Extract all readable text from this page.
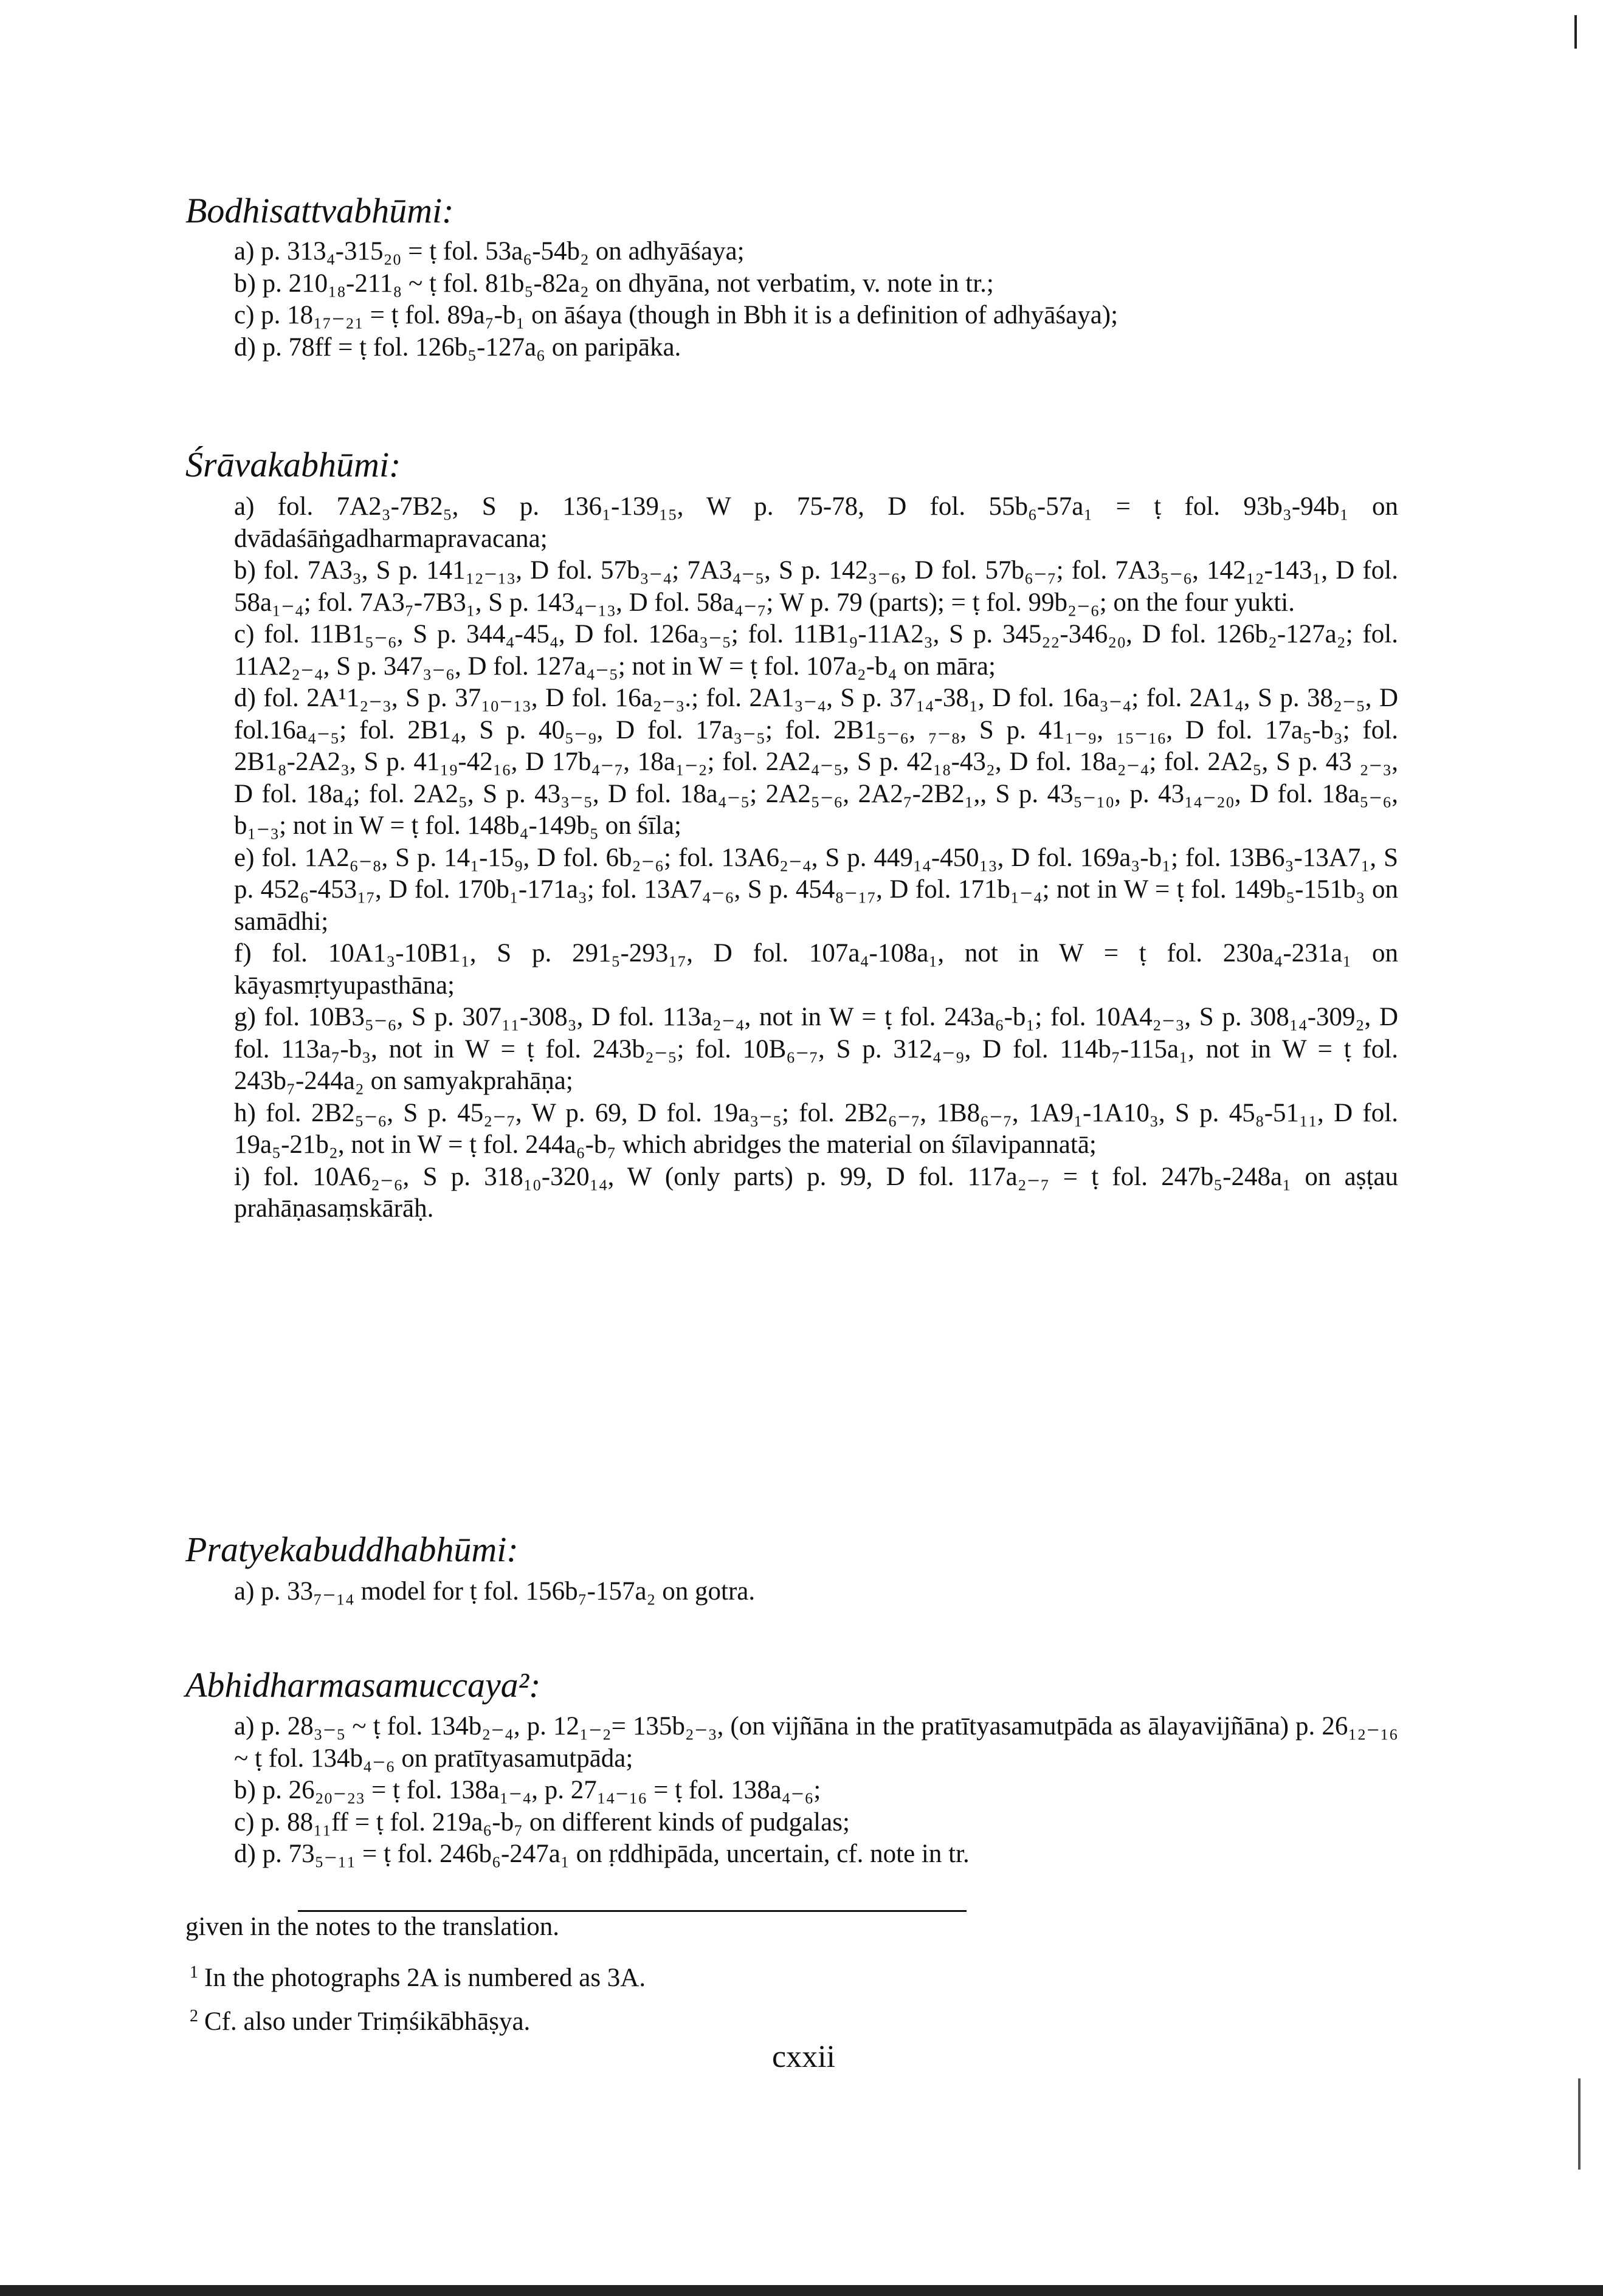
Bodhisattvabhūmi:

a) p. 313₄-315₂₀ = ṭ fol. 53a₆-54b₂ on adhyāśaya;

b) p. 210₁₈-211₈ ~ ṭ fol. 81b₅-82a₂ on dhyāna, not verbatim, v. note in tr.;

c) p. 18₁₇₋₂₁ = ṭ fol. 89a₇-b₁ on āśaya (though in Bbh it is a definition of adhyāśaya);

d) p. 78ff = ṭ fol. 126b₅-127a₆ on paripāka.

Śrāvakabhūmi:

a) fol. 7A2₃-7B2₅, S p. 136₁-139₁₅, W p. 75-78, D fol. 55b₆-57a₁ = ṭ fol. 93b₃-94b₁ on dvādaśāṅgadharmapravacana;

b) fol. 7A3₃, S p. 141₁₂₋₁₃, D fol. 57b₃₋₄; 7A3₄₋₅, S p. 142₃₋₆, D fol. 57b₆₋₇; fol. 7A3₅₋₆, 142₁₂-143₁, D fol. 58a₁₋₄; fol. 7A3₇-7B3₁, S p. 143₄₋₁₃, D fol. 58a₄₋₇; W p. 79 (parts); = ṭ fol. 99b₂₋₆; on the four yukti.

c) fol. 11B1₅₋₆, S p. 344₄-45₄, D fol. 126a₃₋₅; fol. 11B1₉-11A2₃, S p. 345₂₂-346₂₀, D fol. 126b₂-127a₂; fol. 11A2₂₋₄, S p. 347₃₋₆, D fol. 127a₄₋₅; not in W = ṭ fol. 107a₂-b₄ on māra;

d) fol. 2A¹1₂₋₃, S p. 37₁₀₋₁₃, D fol. 16a₂₋₃.; fol. 2A1₃₋₄, S p. 37₁₄-38₁, D fol. 16a₃₋₄; fol. 2A1₄, S p. 38₂₋₅, D fol.16a₄₋₅; fol. 2B1₄, S p. 40₅₋₉, D fol. 17a₃₋₅; fol. 2B1₅₋₆, ₇₋₈, S p. 41₁₋₉, ₁₅₋₁₆, D fol. 17a₅-b₃; fol. 2B1₈-2A2₃, S p. 41₁₉-42₁₆, D 17b₄₋₇, 18a₁₋₂; fol. 2A2₄₋₅, S p. 42₁₈-43₂, D fol. 18a₂₋₄; fol. 2A2₅, S p. 43 ₂₋₃, D fol. 18a₄; fol. 2A2₅, S p. 43₃₋₅, D fol. 18a₄₋₅; 2A2₅₋₆, 2A2₇-2B2₁,, S p. 43₅₋₁₀, p. 43₁₄₋₂₀, D fol. 18a₅₋₆, b₁₋₃; not in W = ṭ fol. 148b₄-149b₅ on śīla;

e) fol. 1A2₆₋₈, S p. 14₁-15₉, D fol. 6b₂₋₆; fol. 13A6₂₋₄, S p. 449₁₄-450₁₃, D fol. 169a₃-b₁; fol. 13B6₃-13A7₁, S p. 452₆-453₁₇, D fol. 170b₁-171a₃; fol. 13A7₄₋₆, S p. 454₈₋₁₇, D fol. 171b₁₋₄; not in W = ṭ fol. 149b₅-151b₃ on samādhi;

f) fol. 10A1₃-10B1₁, S p. 291₅-293₁₇, D fol. 107a₄-108a₁, not in W = ṭ fol. 230a₄-231a₁ on kāyasmṛtyupasthāna;

g) fol. 10B3₅₋₆, S p. 307₁₁-308₃, D fol. 113a₂₋₄, not in W = ṭ fol. 243a₆-b₁; fol. 10A4₂₋₃, S p. 308₁₄-309₂, D fol. 113a₇-b₃, not in W = ṭ fol. 243b₂₋₅; fol. 10B₆₋₇, S p. 312₄₋₉, D fol. 114b₇-115a₁, not in W = ṭ fol. 243b₇-244a₂ on samyakprahāṇa;

h) fol. 2B2₅₋₆, S p. 45₂₋₇, W p. 69, D fol. 19a₃₋₅; fol. 2B2₆₋₇, 1B8₆₋₇, 1A9₁-1A10₃, S p. 45₈-51₁₁, D fol. 19a₅-21b₂, not in W = ṭ fol. 244a₆-b₇ which abridges the material on śīlavipannatā;

i) fol. 10A6₂₋₆, S p. 318₁₀-320₁₄, W (only parts) p. 99, D fol. 117a₂₋₇ = ṭ fol. 247b₅-248a₁ on aṣṭau prahāṇasaṃskārāḥ.

Pratyekabuddhabhūmi:

a) p. 33₇₋₁₄ model for ṭ fol. 156b₇-157a₂ on gotra.

Abhidharmasamuccaya²:

a) p. 28₃₋₅ ~ ṭ fol. 134b₂₋₄, p. 12₁₋₂= 135b₂₋₃, (on vijñāna in the pratītyasamutpāda as ālayavijñāna) p. 26₁₂₋₁₆ ~ ṭ fol. 134b₄₋₆ on pratītyasamutpāda;

b) p. 26₂₀₋₂₃ = ṭ fol. 138a₁₋₄, p. 27₁₄₋₁₆ = ṭ fol. 138a₄₋₆;

c) p. 88₁₁ff = ṭ fol. 219a₆-b₇ on different kinds of pudgalas;

d) p. 73₅₋₁₁ = ṭ fol. 246b₆-247a₁ on ṛddhipāda, uncertain, cf. note in tr.

given in the notes to the translation.
$^1$ In the photographs 2A is numbered as 3A.
$^2$ Cf. also under Triṃśikābhāṣya.
cxxii
